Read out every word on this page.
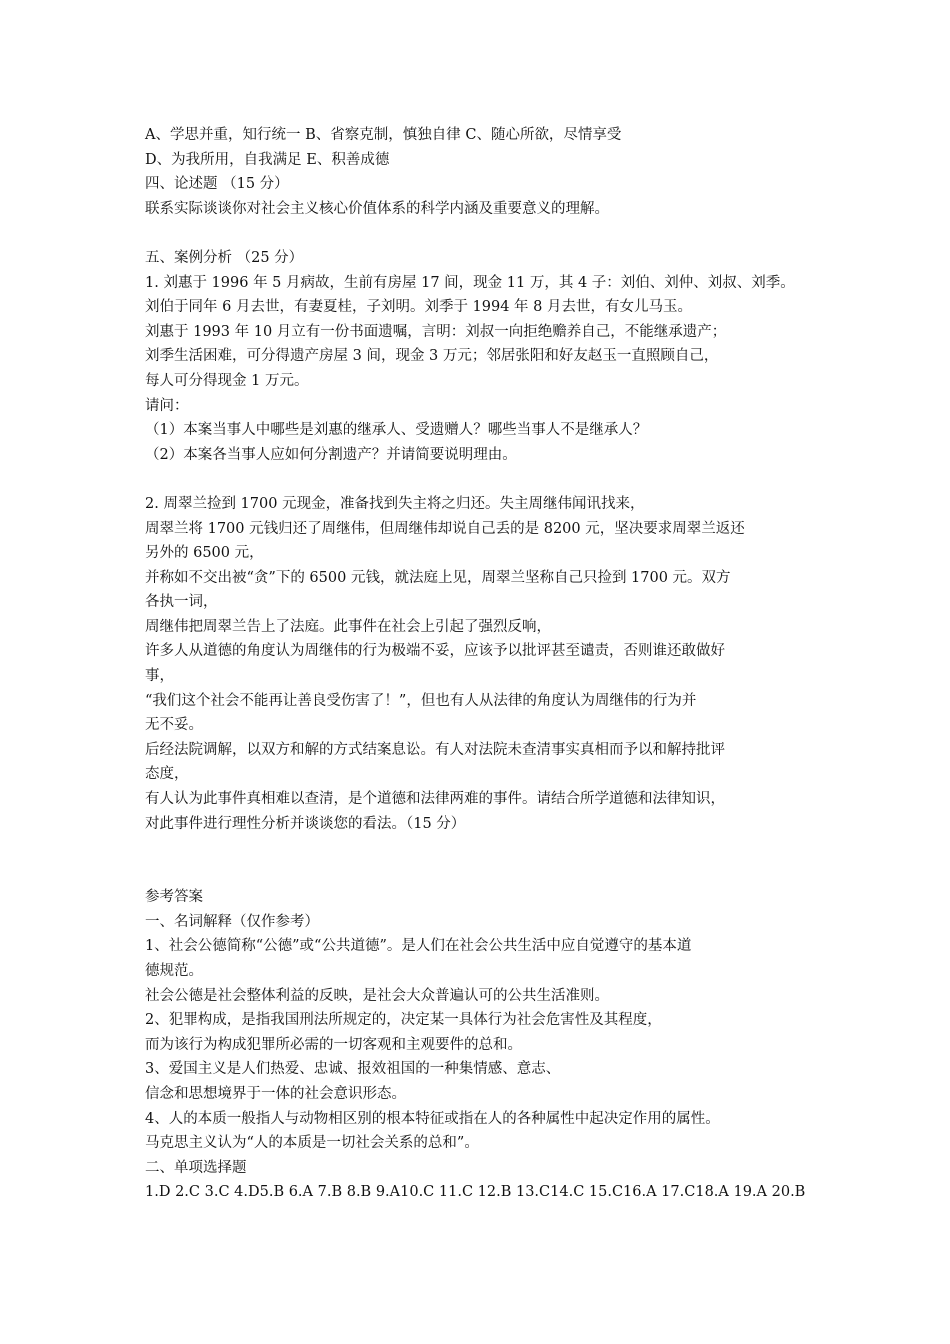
A、学思并重，知行统一 B、省察克制，慎独自律 C、随心所欲，尽情享受
D、为我所用，自我满足 E、积善成德
四、论述题 （15 分）
联系实际谈谈你对社会主义核心价值体系的科学内涵及重要意义的理解。
五、案例分析 （25 分）
1. 刘惠于 1996 年 5 月病故，生前有房屋 17 间，现金 11 万，其 4 子：刘伯、刘仲、刘叔、刘季。
刘伯于同年 6 月去世，有妻夏桂，子刘明。刘季于 1994 年 8 月去世，有女儿马玉。
刘惠于 1993 年 10 月立有一份书面遗嘱，言明：刘叔一向拒绝赡养自己，不能继承遗产；
刘季生活困难，可分得遗产房屋 3 间，现金 3 万元；邻居张阳和好友赵玉一直照顾自己，
每人可分得现金 1 万元。
请问：
（1）本案当事人中哪些是刘惠的继承人、受遗赠人？哪些当事人不是继承人？
（2）本案各当事人应如何分割遗产？并请简要说明理由。
2. 周翠兰捡到 1700 元现金，准备找到失主将之归还。失主周继伟闻讯找来，
周翠兰将 1700 元钱归还了周继伟，但周继伟却说自己丢的是 8200 元，坚决要求周翠兰返还
另外的 6500 元，
并称如不交出被“贪”下的 6500 元钱，就法庭上见，周翠兰坚称自己只捡到 1700 元。双方
各执一词，
周继伟把周翠兰告上了法庭。此事件在社会上引起了强烈反响，
许多人从道德的角度认为周继伟的行为极端不妥，应该予以批评甚至谴责，否则谁还敢做好
事，
“我们这个社会不能再让善良受伤害了！”，但也有人从法律的角度认为周继伟的行为并
无不妥。
后经法院调解，以双方和解的方式结案息讼。有人对法院未查清事实真相而予以和解持批评
态度，
有人认为此事件真相难以查清，是个道德和法律两难的事件。请结合所学道德和法律知识，
对此事件进行理性分析并谈谈您的看法。（15 分）
参考答案
一、名词解释（仅作参考）
1、社会公德简称“公德”或“公共道德”。是人们在社会公共生活中应自觉遵守的基本道
德规范。
社会公德是社会整体利益的反映，是社会大众普遍认可的公共生活准则。
2、犯罪构成，是指我国刑法所规定的，决定某一具体行为社会危害性及其程度，
而为该行为构成犯罪所必需的一切客观和主观要件的总和。
3、爱国主义是人们热爱、忠诚、报效祖国的一种集情感、意志、
信念和思想境界于一体的社会意识形态。
4、人的本质一般指人与动物相区别的根本特征或指在人的各种属性中起决定作用的属性。
马克思主义认为“人的本质是一切社会关系的总和”。
二、单项选择题
1.D 2.C 3.C 4.D5.B 6.A 7.B 8.B 9.A10.C 11.C 12.B 13.C14.C 15.C16.A 17.C18.A 19.A 20.B
